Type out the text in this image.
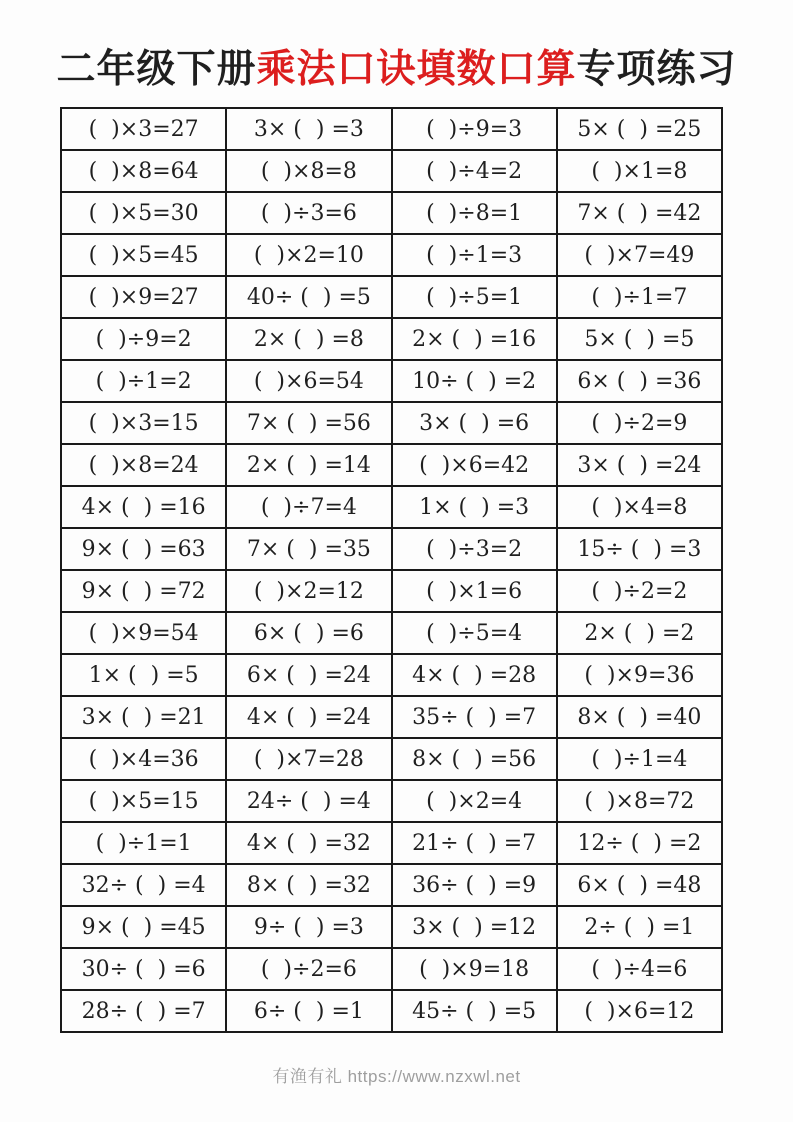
二年级下册乘法口诀填数口算专项练习
(  )×3=27	3× (  ) =3	(  )÷9=3	5× (  ) =25
(  )×8=64	(  )×8=8	(  )÷4=2	(  )×1=8
(  )×5=30	(  )÷3=6	(  )÷8=1	7× (  ) =42
(  )×5=45	(  )×2=10	(  )÷1=3	(  )×7=49
(  )×9=27	40÷ (  ) =5	(  )÷5=1	(  )÷1=7
(  )÷9=2	2× (  ) =8	2× (  ) =16	5× (  ) =5
(  )÷1=2	(  )×6=54	10÷ (  ) =2	6× (  ) =36
(  )×3=15	7× (  ) =56	3× (  ) =6	(  )÷2=9
(  )×8=24	2× (  ) =14	(  )×6=42	3× (  ) =24
4× (  ) =16	(  )÷7=4	1× (  ) =3	(  )×4=8
9× (  ) =63	7× (  ) =35	(  )÷3=2	15÷ (  ) =3
9× (  ) =72	(  )×2=12	(  )×1=6	(  )÷2=2
(  )×9=54	6× (  ) =6	(  )÷5=4	2× (  ) =2
1× (  ) =5	6× (  ) =24	4× (  ) =28	(  )×9=36
3× (  ) =21	4× (  ) =24	35÷ (  ) =7	8× (  ) =40
(  )×4=36	(  )×7=28	8× (  ) =56	(  )÷1=4
(  )×5=15	24÷ (  ) =4	(  )×2=4	(  )×8=72
(  )÷1=1	4× (  ) =32	21÷ (  ) =7	12÷ (  ) =2
32÷ (  ) =4	8× (  ) =32	36÷ (  ) =9	6× (  ) =48
9× (  ) =45	9÷ (  ) =3	3× (  ) =12	2÷ (  ) =1
30÷ (  ) =6	(  )÷2=6	(  )×9=18	(  )÷4=6
28÷ (  ) =7	6÷ (  ) =1	45÷ (  ) =5	(  )×6=12
有渔有礼 https://www.nzxwl.net
